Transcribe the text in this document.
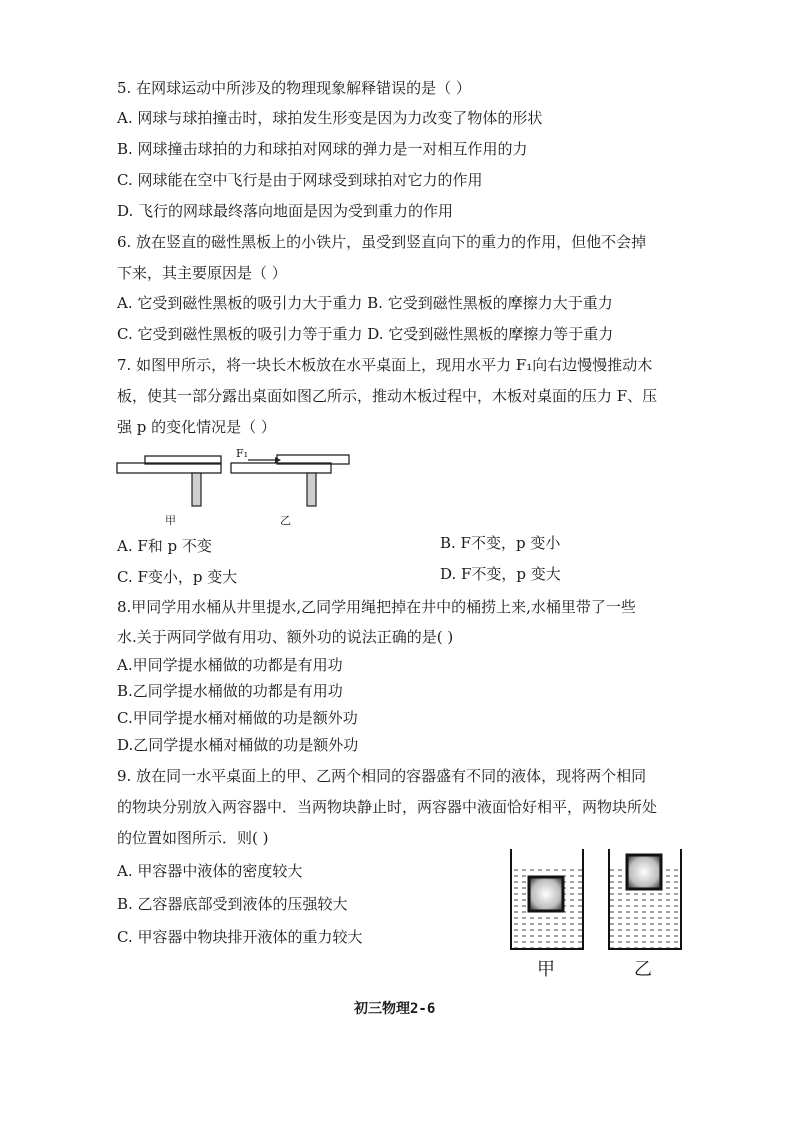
5. 在网球运动中所涉及的物理现象解释错误的是（ ）
A. 网球与球拍撞击时，球拍发生形变是因为力改变了物体的形状
B. 网球撞击球拍的力和球拍对网球的弹力是一对相互作用的力
C. 网球能在空中飞行是由于网球受到球拍对它力的作用
D. 飞行的网球最终落向地面是因为受到重力的作用
6. 放在竖直的磁性黑板上的小铁片，虽受到竖直向下的重力的作用，但他不会掉
下来，其主要原因是（ ）
A. 它受到磁性黑板的吸引力大于重力 B. 它受到磁性黑板的摩擦力大于重力
C. 它受到磁性黑板的吸引力等于重力 D. 它受到磁性黑板的摩擦力等于重力
7. 如图甲所示，将一块长木板放在水平桌面上，现用水平力 F₁向右边慢慢推动木
板，使其一部分露出桌面如图乙所示，推动木板过程中，木板对桌面的压力 F、压
强 p 的变化情况是（ ）
F₁
甲	乙
A. F和 p 不变	B. F不变，p 变小
C. F变小，p 变大	D. F不变，p 变大
8.甲同学用水桶从井里提水,乙同学用绳把掉在井中的桶捞上来,水桶里带了一些
水.关于两同学做有用功、额外功的说法正确的是( )
A.甲同学提水桶做的功都是有用功
B.乙同学提水桶做的功都是有用功
C.甲同学提水桶对桶做的功是额外功
D.乙同学提水桶对桶做的功是额外功
9. 放在同一水平桌面上的甲、乙两个相同的容器盛有不同的液体，现将两个相同
的物块分别放入两容器中．当两物块静止时，两容器中液面恰好相平，两物块所处
的位置如图所示．则( )
A. 甲容器中液体的密度较大
B. 乙容器底部受到液体的压强较大
C. 甲容器中物块排开液体的重力较大
甲	乙
初三物理2-6
